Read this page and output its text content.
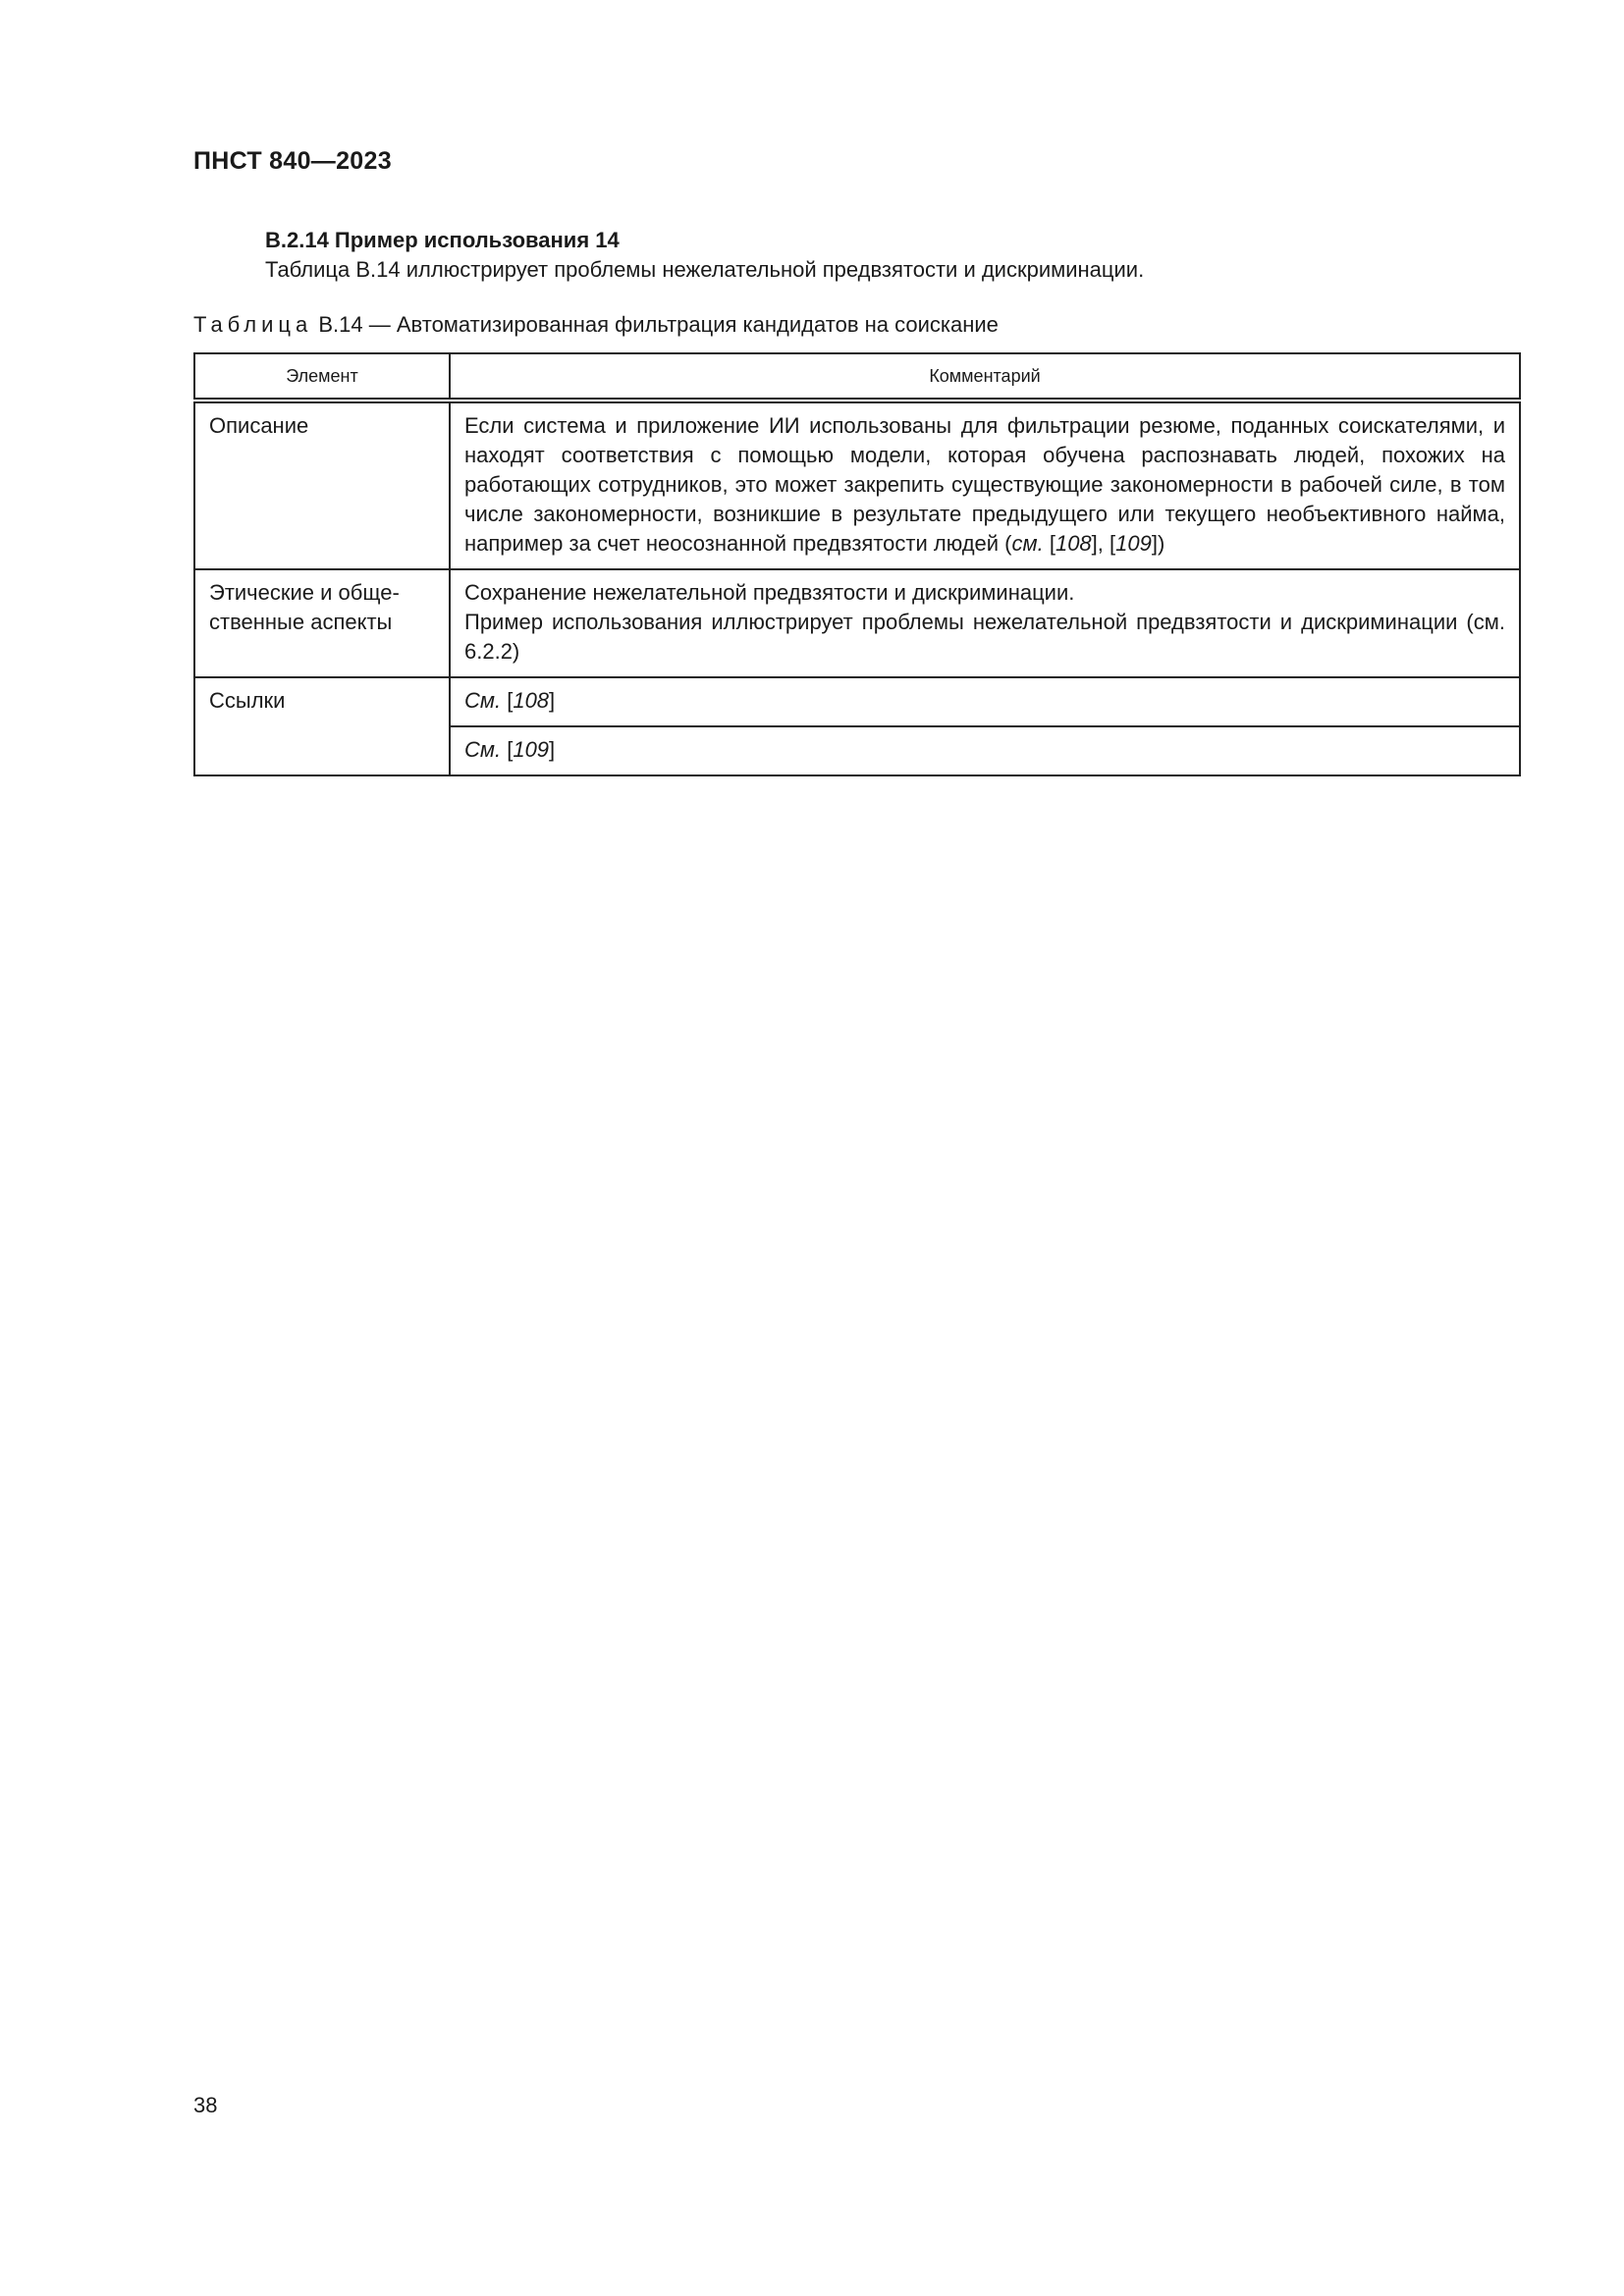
ПНСТ 840—2023

В.2.14 Пример использования 14

Таблица В.14 иллюстрирует проблемы нежелательной предвзятости и дискриминации.

Таблица В.14 — Автоматизированная фильтрация кандидатов на соискание

Элемент	Комментарий
Описание	Если система и приложение ИИ использованы для фильтрации резюме, поданных соискателями, и находят соответствия с помощью модели, которая обучена распознавать людей, похожих на работающих сотрудников, это может закрепить существующие закономерности в рабочей силе, в том числе закономерности, возникшие в результате предыдущего или текущего необъективного найма, например за счет неосознанной предвзятости людей (см. [108], [109])
Этические и общественные аспекты	Сохранение нежелательной предвзятости и дискриминации.
Пример использования иллюстрирует проблемы нежелательной предвзятости и дискриминации (см. 6.2.2)

Ссылки	См. [108]
	См. [109]

38
